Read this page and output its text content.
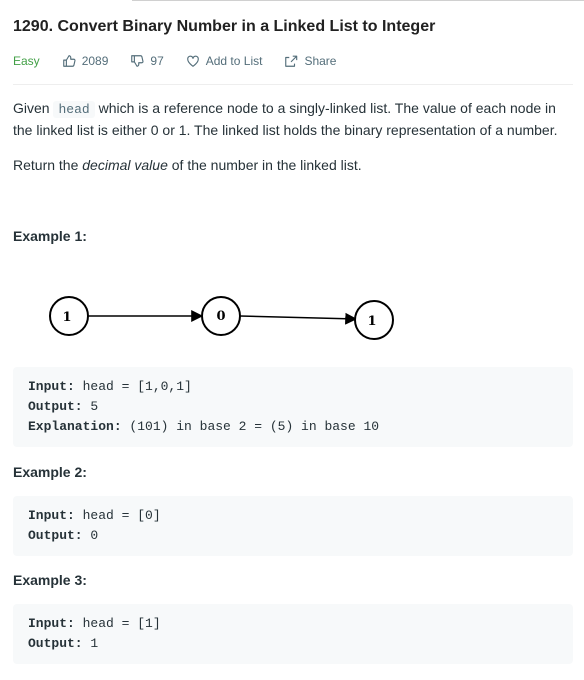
1290. Convert Binary Number in a Linked List to Integer
Easy	2089	97	Add to List	Share
Given head which is a reference node to a singly-linked list. The value of each node in the linked list is either 0 or 1. The linked list holds the binary representation of a number.
Return the decimal value of the number in the linked list.
Example 1:
1	0	1
Input: head = [1,0,1]
Output: 5
Explanation: (101) in base 2 = (5) in base 10
Example 2:
Input: head = [0]
Output: 0
Example 3:
Input: head = [1]
Output: 1
